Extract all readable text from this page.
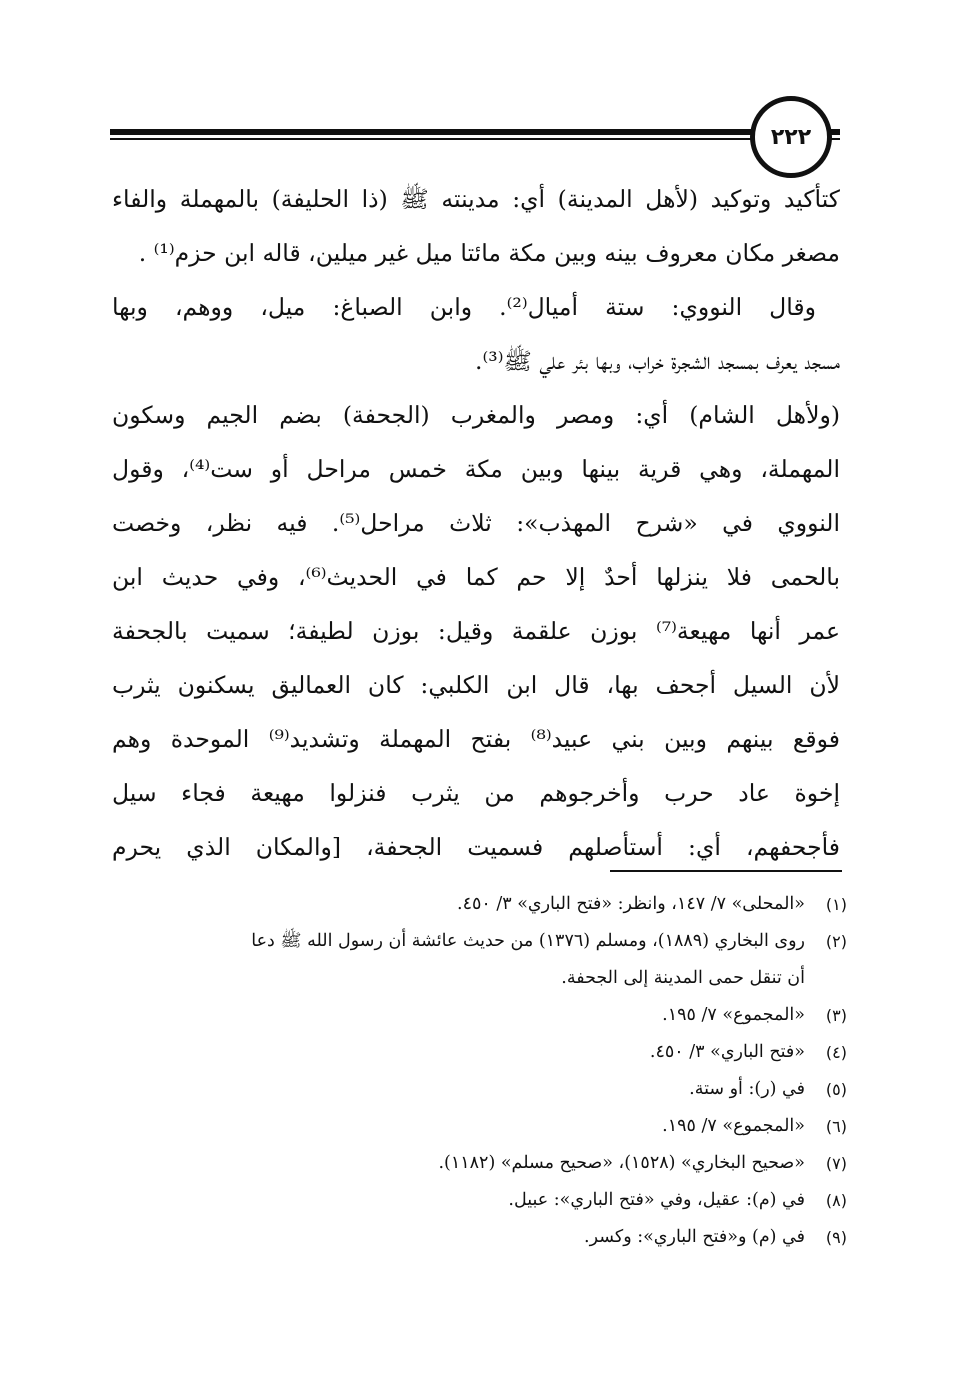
٢٢٢
كتأكيد وتوكيد (لأهل المدينة) أي: مدينته ﷺ (ذا الحليفة) بالمهملة والفاء
مصغر مكان معروف بينه وبين مكة مائتا ميل غير ميلين، قاله ابن حزم⁽¹⁾ .
وقال النووي: ستة أميال⁽²⁾. وابن الصباغ: ميل، ووهم، وبها
مسجد يعرف بمسجد الشجرة خراب، وبها بئر علي ﷺ⁽³⁾.
(ولأهل الشام) أي: ومصر والمغرب (الجحفة) بضم الجيم وسكون
المهملة، وهي قرية بينها وبين مكة خمس مراحل أو ست⁽⁴⁾، وقول
النووي في «شرح المهذب»: ثلاث مراحل⁽⁵⁾. فيه نظر، وخصت
بالحمى فلا ينزلها أحدٌ إلا حم كما في الحديث⁽⁶⁾، وفي حديث ابن
عمر أنها مهيعة⁽⁷⁾ بوزن علقمة وقيل: بوزن لطيفة؛ سميت بالجحفة
لأن السيل أجحف بها، قال ابن الكلبي: كان العماليق يسكنون يثرب
فوقع بينهم وبين بني عبيد⁽⁸⁾ بفتح المهملة وتشديد⁽⁹⁾ الموحدة وهم
إخوة عاد حرب وأخرجوهم من يثرب فنزلوا مهيعة فجاء سيل
فأجحفهم، أي: أستأصلهم فسميت الجحفة، [والمكان الذي يحرم
(١)
«المحلى» ٧/ ١٤٧، وانظر: «فتح الباري» ٣/ ٤٥٠.
(٢)
روى البخاري (١٨٨٩)، ومسلم (١٣٧٦) من حديث عائشة أن رسول الله ﷺ دعا
أن تنقل حمى المدينة إلى الجحفة.
(٣)
«المجموع» ٧/ ١٩٥.
(٤)
«فتح الباري» ٣/ ٤٥٠.
(٥)
في (ر): أو ستة.
(٦)
«المجموع» ٧/ ١٩٥.
(٧)
«صحيح البخاري» (١٥٢٨)، «صحيح مسلم» (١١٨٢).
(٨)
في (م): عقيل، وفي «فتح الباري»: عبيل.
(٩)
في (م) و«فتح الباري»: وكسر.
